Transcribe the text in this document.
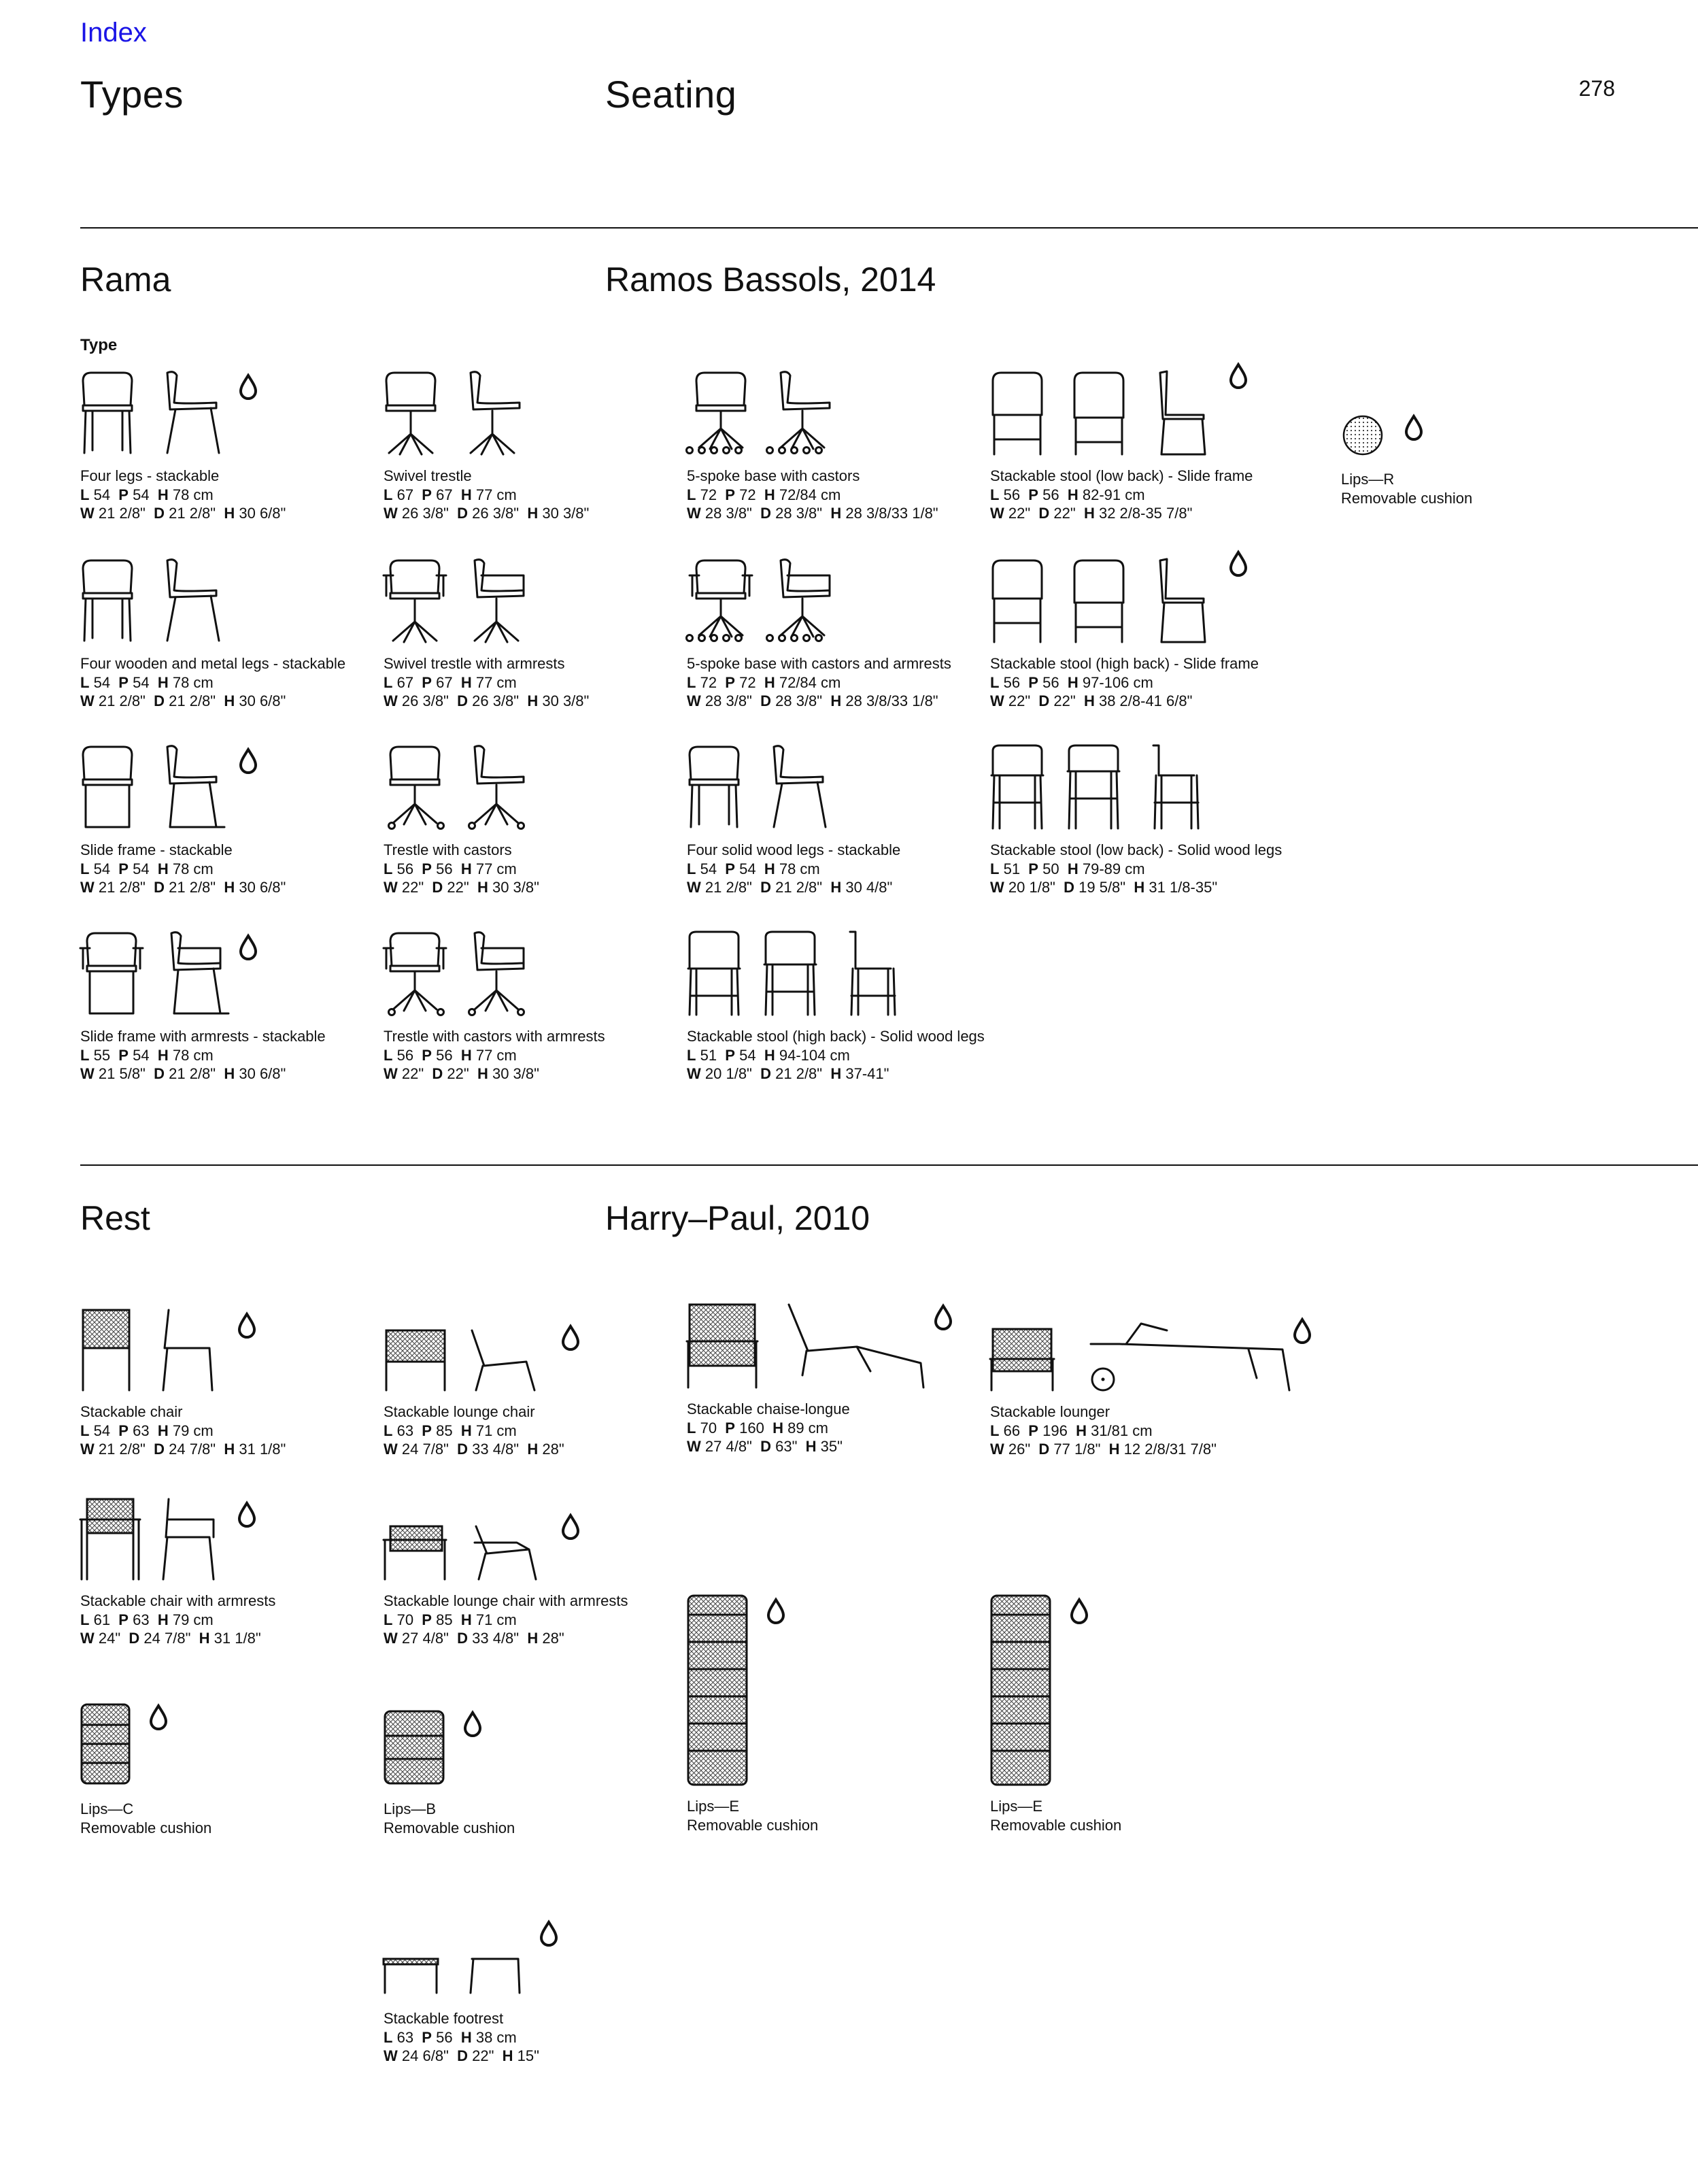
Index
Types	Seating	278
Rama	Ramos Bassols, 2014
Type
Four legs - stackable
L 54 P 54 H 78 cm
W 21 2/8" D 21 2/8" H 30 6/8"
Swivel trestle
L 67 P 67 H 77 cm
W 26 3/8" D 26 3/8" H 30 3/8"
5-spoke base with castors
L 72 P 72 H 72/84 cm
W 28 3/8" D 28 3/8" H 28 3/8/33 1/8"
Stackable stool (low back) - Slide frame
L 56 P 56 H 82-91 cm
W 22" D 22" H 32 2/8-35 7/8"
Four wooden and metal legs - stackable
L 54 P 54 H 78 cm
W 21 2/8" D 21 2/8" H 30 6/8"
Swivel trestle with armrests
L 67 P 67 H 77 cm
W 26 3/8" D 26 3/8" H 30 3/8"
5-spoke base with castors and armrests
L 72 P 72 H 72/84 cm
W 28 3/8" D 28 3/8" H 28 3/8/33 1/8"
Stackable stool (high back) - Slide frame
L 56 P 56 H 97-106 cm
W 22" D 22" H 38 2/8-41 6/8"
Slide frame - stackable
L 54 P 54 H 78 cm
W 21 2/8" D 21 2/8" H 30 6/8"
Trestle with castors
L 56 P 56 H 77 cm
W 22" D 22" H 30 3/8"
Four solid wood legs - stackable
L 54 P 54 H 78 cm
W 21 2/8" D 21 2/8" H 30 4/8"
Stackable stool (low back) - Solid wood legs
L 51 P 50 H 79-89 cm
W 20 1/8" D 19 5/8" H 31 1/8-35"
Slide frame with armrests - stackable
L 55 P 54 H 78 cm
W 21 5/8" D 21 2/8" H 30 6/8"
Trestle with castors with armrests
L 56 P 56 H 77 cm
W 22" D 22" H 30 3/8"
Stackable stool (high back) - Solid wood legs
L 51 P 54 H 94-104 cm
W 20 1/8" D 21 2/8" H 37-41"
Lips—R
Removable cushion
Rest	Harry–Paul, 2010
Stackable chair
L 54 P 63 H 79 cm
W 21 2/8" D 24 7/8" H 31 1/8"
Stackable lounge chair
L 63 P 85 H 71 cm
W 24 7/8" D 33 4/8" H 28"
Stackable chaise-longue
L 70 P 160 H 89 cm
W 27 4/8" D 63" H 35"
Stackable lounger
L 66 P 196 H 31/81 cm
W 26" D 77 1/8" H 12 2/8/31 7/8"
Stackable chair with armrests
L 61 P 63 H 79 cm
W 24" D 24 7/8" H 31 1/8"
Stackable lounge chair with armrests
L 70 P 85 H 71 cm
W 27 4/8" D 33 4/8" H 28"
Stackable footrest
L 63 P 56 H 38 cm
W 24 6/8" D 22" H 15"
Lips—C
Removable cushion
Lips—B
Removable cushion
Lips—E
Removable cushion
Lips—E
Removable cushion
